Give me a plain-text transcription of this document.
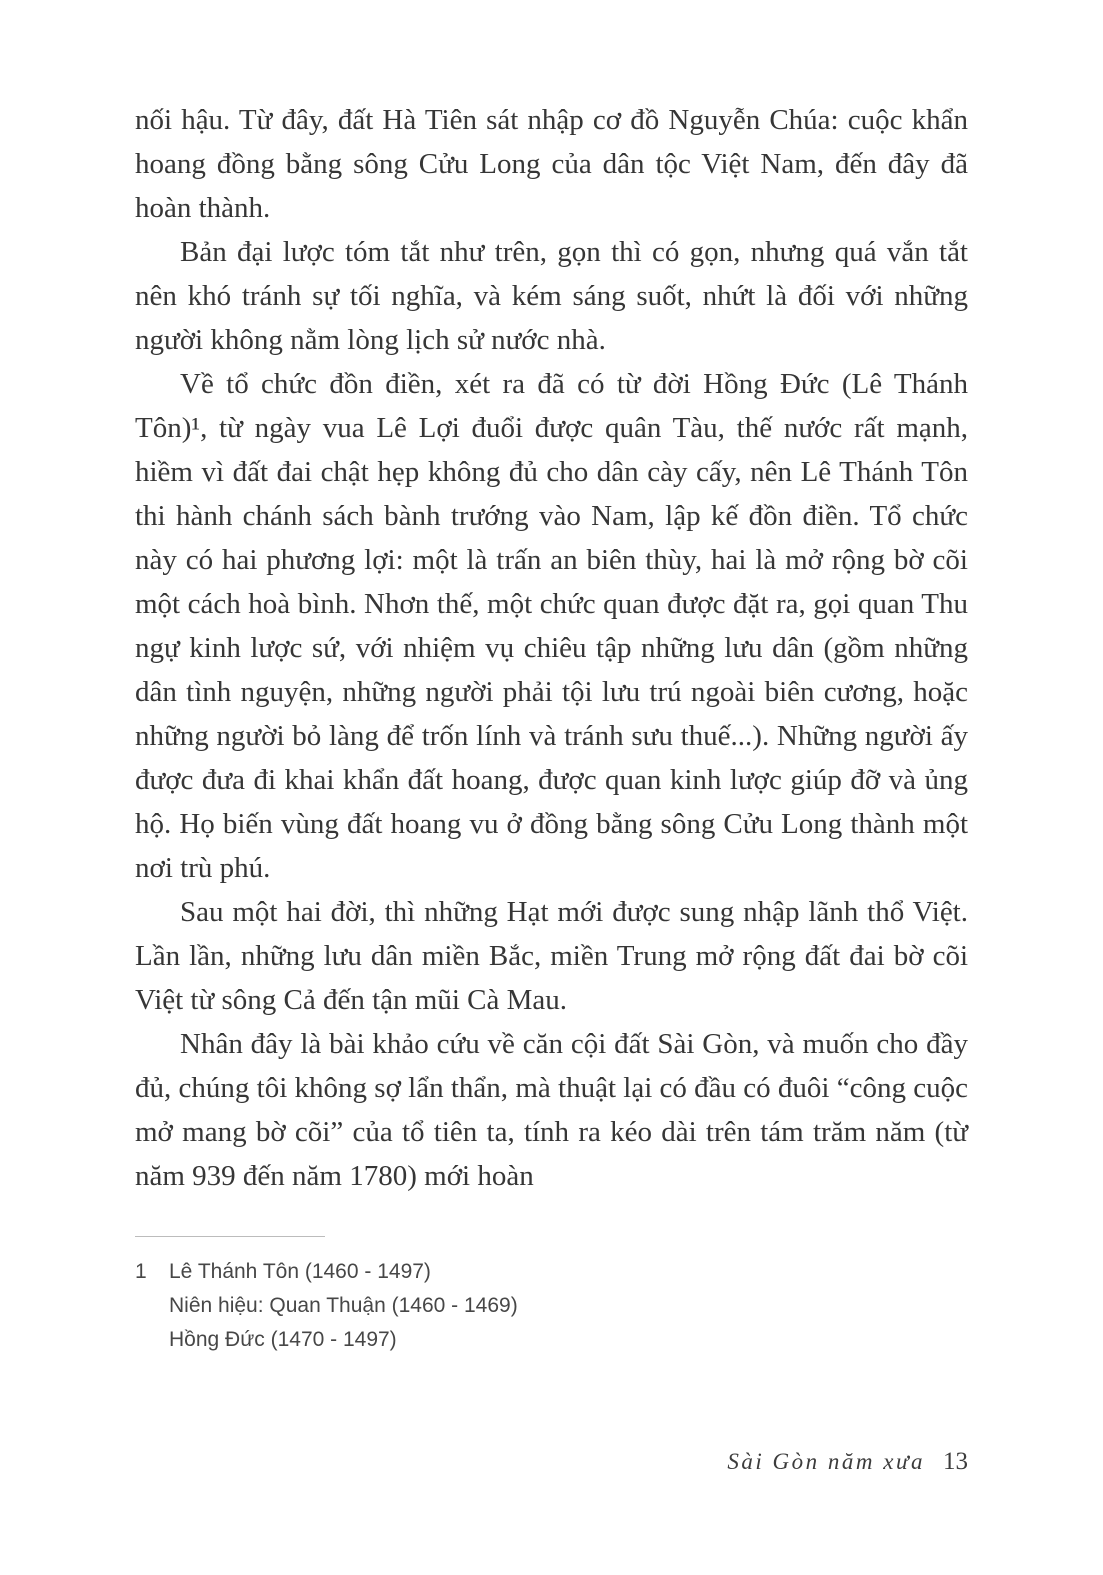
nối hậu. Từ đây, đất Hà Tiên sát nhập cơ đồ Nguyễn Chúa: cuộc khẩn hoang đồng bằng sông Cửu Long của dân tộc Việt Nam, đến đây đã hoàn thành.

Bản đại lược tóm tắt như trên, gọn thì có gọn, nhưng quá vắn tắt nên khó tránh sự tối nghĩa, và kém sáng suốt, nhứt là đối với những người không nằm lòng lịch sử nước nhà.

Về tổ chức đồn điền, xét ra đã có từ đời Hồng Đức (Lê Thánh Tôn)¹, từ ngày vua Lê Lợi đuổi được quân Tàu, thế nước rất mạnh, hiềm vì đất đai chật hẹp không đủ cho dân cày cấy, nên Lê Thánh Tôn thi hành chánh sách bành trướng vào Nam, lập kế đồn điền. Tổ chức này có hai phương lợi: một là trấn an biên thùy, hai là mở rộng bờ cõi một cách hoà bình. Nhơn thế, một chức quan được đặt ra, gọi quan Thu ngự kinh lược sứ, với nhiệm vụ chiêu tập những lưu dân (gồm những dân tình nguyện, những người phải tội lưu trú ngoài biên cương, hoặc những người bỏ làng để trốn lính và tránh sưu thuế...). Những người ấy được đưa đi khai khẩn đất hoang, được quan kinh lược giúp đỡ và ủng hộ. Họ biến vùng đất hoang vu ở đồng bằng sông Cửu Long thành một nơi trù phú.

Sau một hai đời, thì những Hạt mới được sung nhập lãnh thổ Việt. Lần lần, những lưu dân miền Bắc, miền Trung mở rộng đất đai bờ cõi Việt từ sông Cả đến tận mũi Cà Mau.

Nhân đây là bài khảo cứu về căn cội đất Sài Gòn, và muốn cho đầy đủ, chúng tôi không sợ lẩn thẩn, mà thuật lại có đầu có đuôi “công cuộc mở mang bờ cõi” của tổ tiên ta, tính ra kéo dài trên tám trăm năm (từ năm 939 đến năm 1780) mới hoàn

1	Lê Thánh Tôn (1460 - 1497)
Niên hiệu: Quan Thuận (1460 - 1469)
Hồng Đức (1470 - 1497)
Sài Gòn năm xưa 13
